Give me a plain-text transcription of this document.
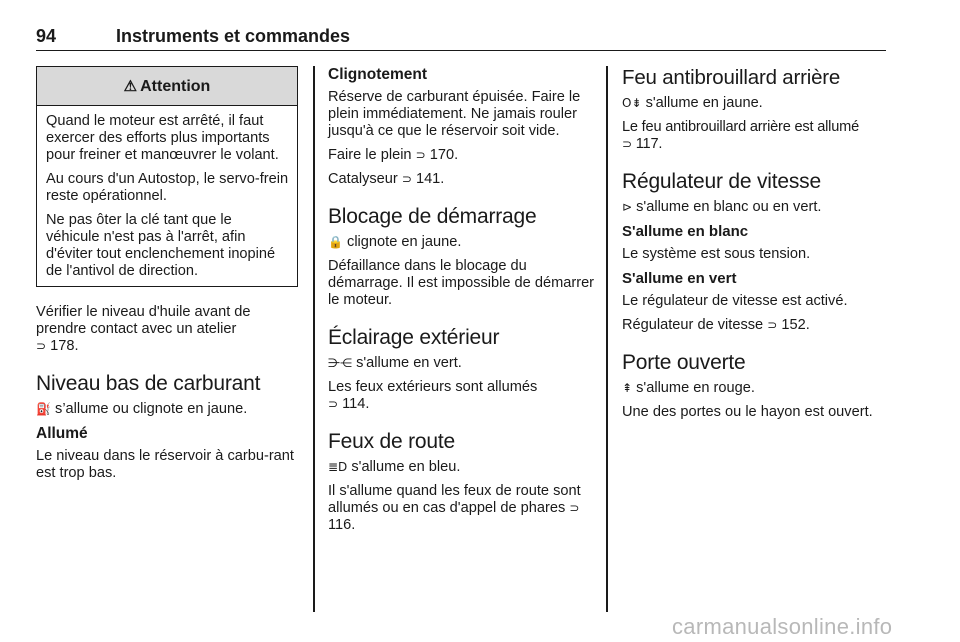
94	Instruments et commandes
⚠ Attention

Quand le moteur est arrêté, il faut exercer des efforts plus importants pour freiner et manœuvrer le volant.

Au cours d'un Autostop, le servo-frein reste opérationnel.

Ne pas ôter la clé tant que le véhicule n'est pas à l'arrêt, afin d'éviter tout enclenchement inopiné de l'antivol de direction.

Vérifier le niveau d'huile avant de prendre contact avec un atelier
⊃ 178.

Niveau bas de carburant

⛽ s’allume ou clignote en jaune.

Allumé

Le niveau dans le réservoir à carbu-rant est trop bas.

Clignotement

Réserve de carburant épuisée. Faire le plein immédiatement. Ne jamais rouler jusqu'à ce que le réservoir soit vide.

Faire le plein ⊃ 170.

Catalyseur ⊃ 141.

Blocage de démarrage

🔒 clignote en jaune.

Défaillance dans le blocage du démarrage. Il est impossible de démarrer le moteur.

Éclairage extérieur

⋺⋲ s'allume en vert.

Les feux extérieurs sont allumés
⊃ 114.

Feux de route

≣D s'allume en bleu.

Il s'allume quand les feux de route sont allumés ou en cas d'appel de phares ⊃ 116.

Feu antibrouillard arrière

O⇟ s'allume en jaune.

Le feu antibrouillard arrière est allumé
⊃ 117.

Régulateur de vitesse

⊳ s'allume en blanc ou en vert.

S'allume en blanc

Le système est sous tension.

S'allume en vert

Le régulateur de vitesse est activé.

Régulateur de vitesse ⊃ 152.

Porte ouverte

⇞ s'allume en rouge.

Une des portes ou le hayon est ouvert.

carmanualsonline.info
